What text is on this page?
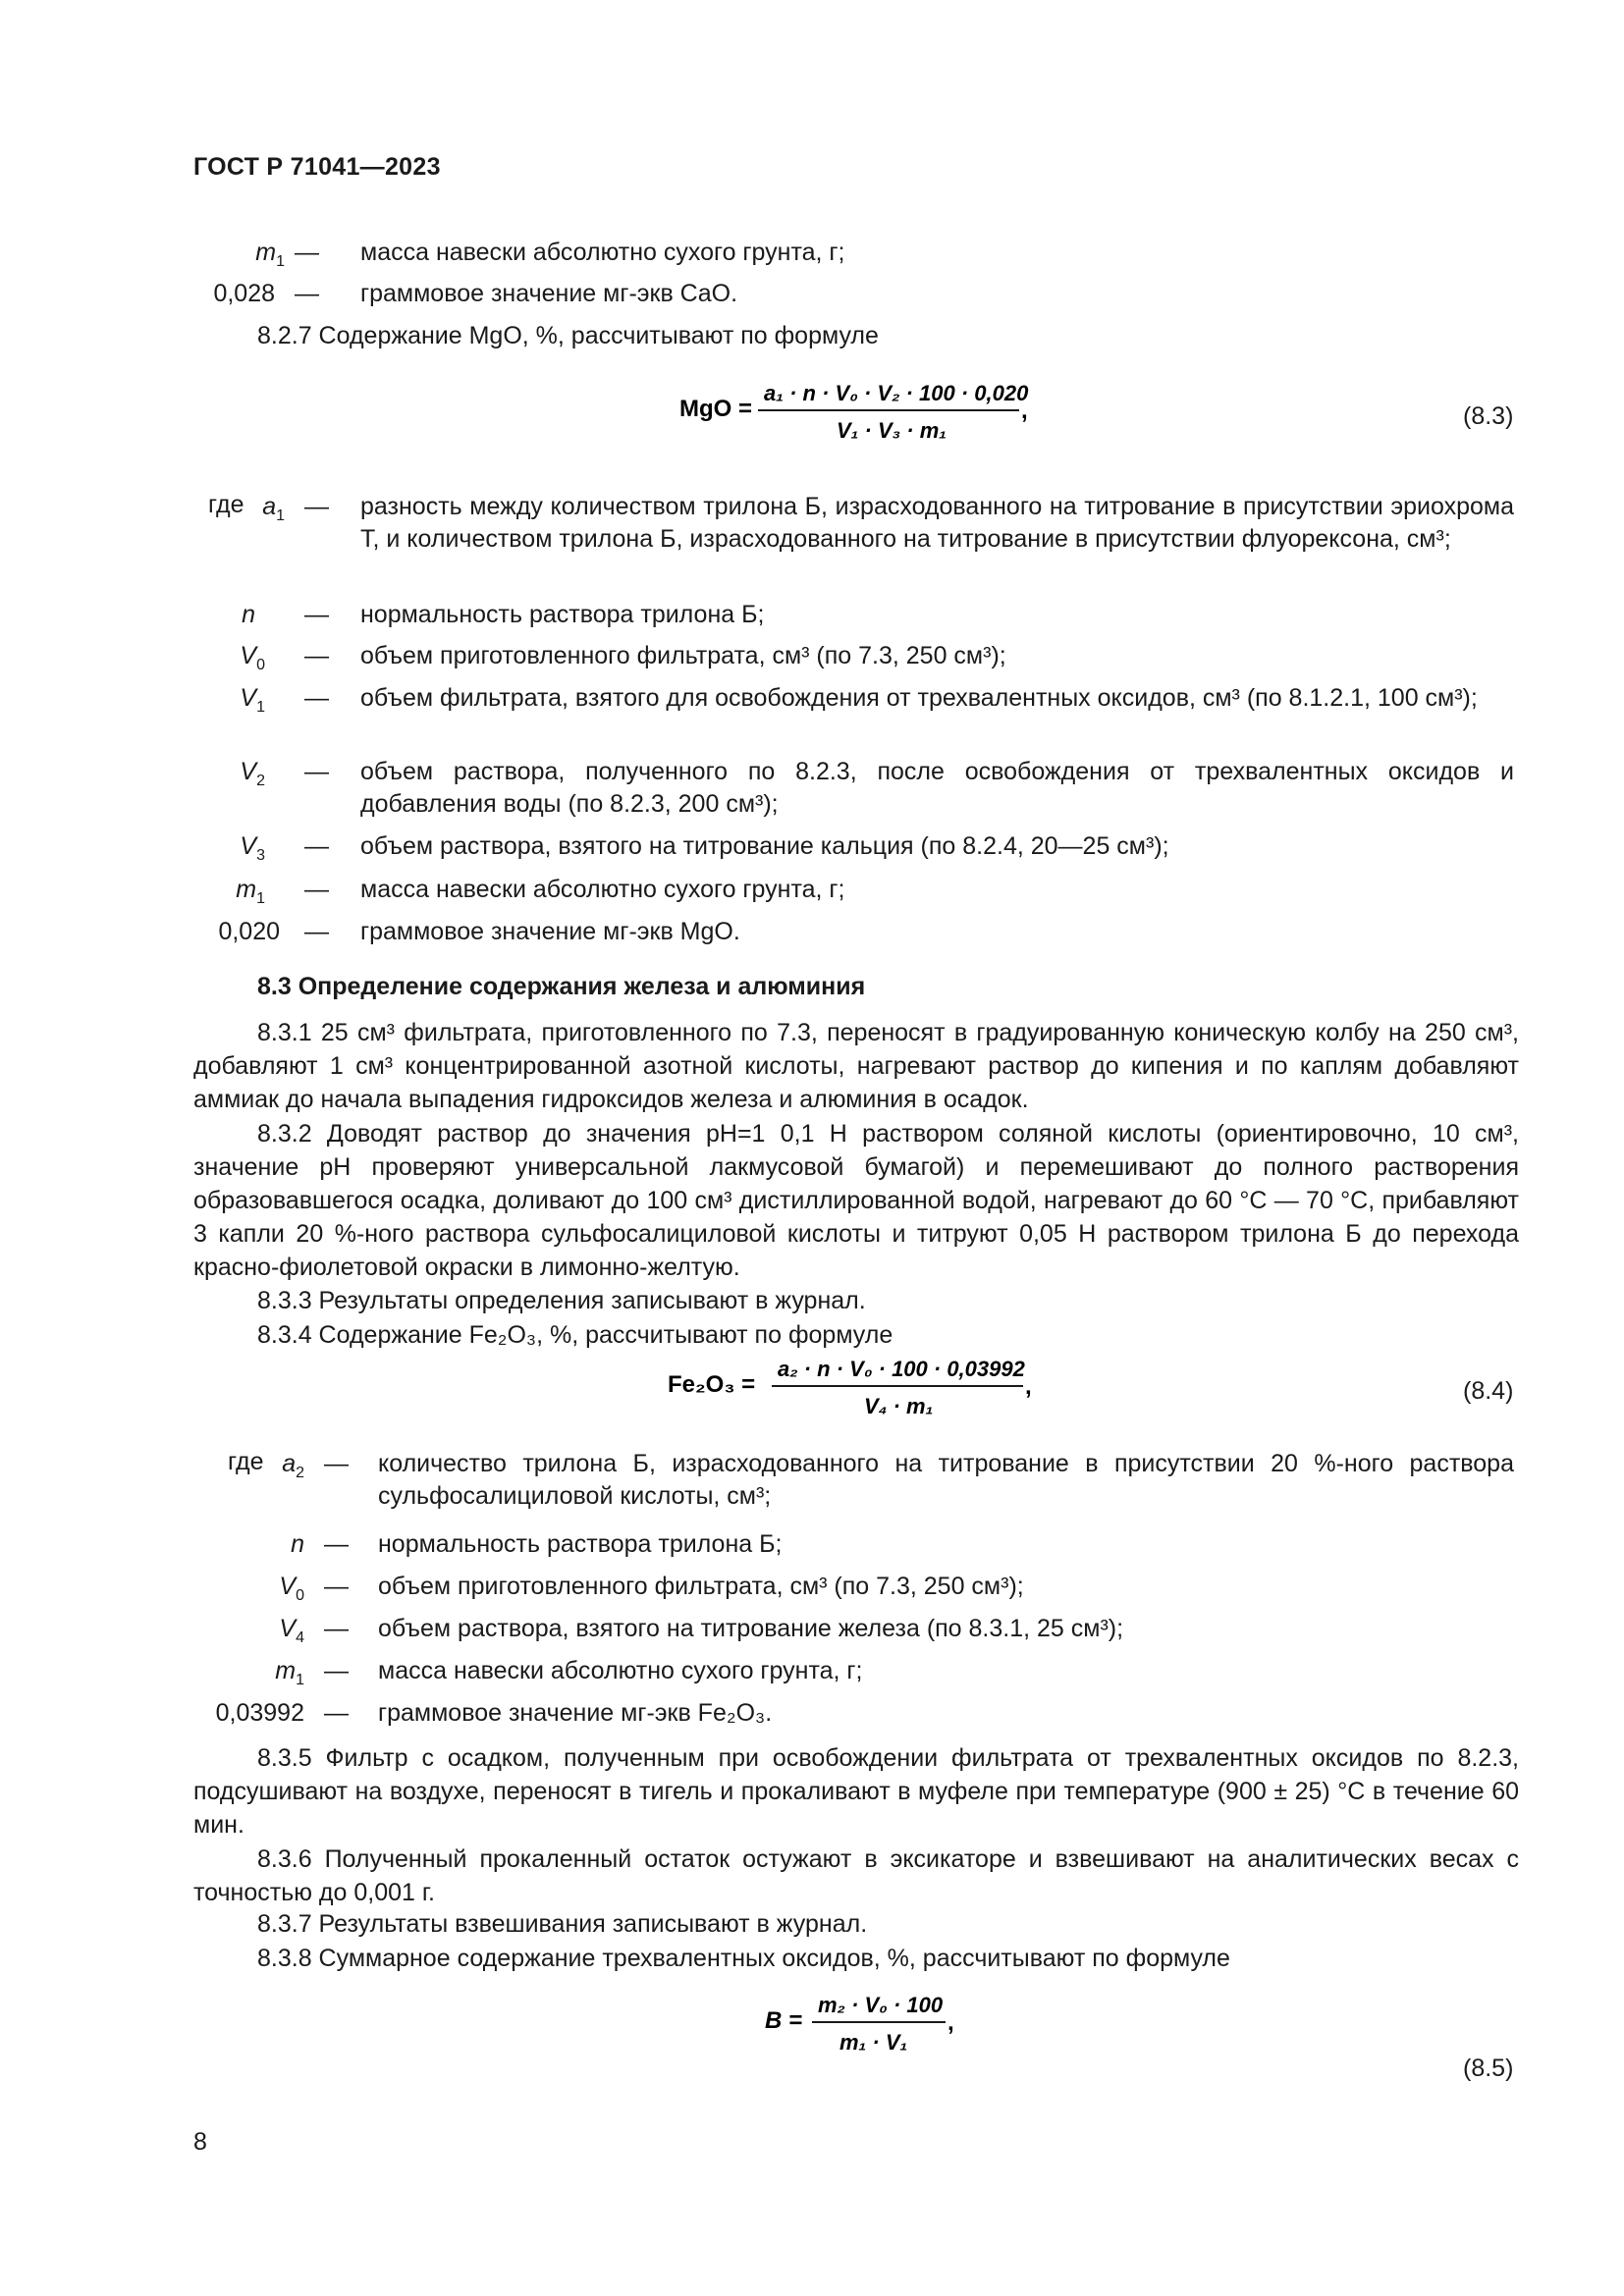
ГОСТ Р 71041—2023
$m_1$ — масса навески абсолютно сухого грунта, г;
0,028 — граммовое значение мг-экв CaO.
8.2.7 Содержание MgO, %, рассчитывают по формуле
MgO =
a₁ · n · V₀ · V₂ · 100 · 0,020
V₁ · V₃ · m₁
,	(8.3)
где $a_1$ — разность между количеством трилона Б, израсходованного на титрование в присутствии эриохрома Т, и количеством трилона Б, израсходованного на титрование в присутствии флуорексона, см³;
n — нормальность раствора трилона Б;
$V_0$ — объем приготовленного фильтрата, см³ (по 7.3, 250 см³);
$V_1$ — объем фильтрата, взятого для освобождения от трехвалентных оксидов, см³ (по 8.1.2.1, 100 см³);
$V_2$ — объем раствора, полученного по 8.2.3, после освобождения от трехвалентных оксидов и добавления воды (по 8.2.3, 200 см³);
$V_3$ — объем раствора, взятого на титрование кальция (по 8.2.4, 20—25 см³);
$m_1$ — масса навески абсолютно сухого грунта, г;
0,020 — граммовое значение мг-экв MgO.
8.3 Определение содержания железа и алюминия
8.3.1 25 см³ фильтрата, приготовленного по 7.3, переносят в градуированную коническую колбу на 250 см³, добавляют 1 см³ концентрированной азотной кислоты, нагревают раствор до кипения и по каплям добавляют аммиак до начала выпадения гидроксидов железа и алюминия в осадок.
8.3.2 Доводят раствор до значения рН=1 0,1 Н раствором соляной кислоты (ориентировочно, 10 см³, значение рН проверяют универсальной лакмусовой бумагой) и перемешивают до полного растворения образовавшегося осадка, доливают до 100 см³ дистиллированной водой, нагревают до 60 °C — 70 °C, прибавляют 3 капли 20 %-ного раствора сульфосалициловой кислоты и титруют 0,05 Н раствором трилона Б до перехода красно-фиолетовой окраски в лимонно-желтую.
8.3.3 Результаты определения записывают в журнал.
8.3.4 Содержание Fe₂O₃, %, рассчитывают по формуле
Fe₂O₃ =
a₂ · n · V₀ · 100 · 0,03992
V₄ · m₁
,	(8.4)
где $a_2$ — количество трилона Б, израсходованного на титрование в присутствии 20 %-ного раствора сульфосалициловой кислоты, см³;
n — нормальность раствора трилона Б;
$V_0$ — объем приготовленного фильтрата, см³ (по 7.3, 250 см³);
$V_4$ — объем раствора, взятого на титрование железа (по 8.3.1, 25 см³);
$m_1$ — масса навески абсолютно сухого грунта, г;
0,03992 — граммовое значение мг-экв Fe₂O₃.
8.3.5 Фильтр с осадком, полученным при освобождении фильтрата от трехвалентных оксидов по 8.2.3, подсушивают на воздухе, переносят в тигель и прокаливают в муфеле при температуре (900 ± 25) °C в течение 60 мин.
8.3.6 Полученный прокаленный остаток остужают в эксикаторе и взвешивают на аналитических весах с точностью до 0,001 г.
8.3.7 Результаты взвешивания записывают в журнал.
8.3.8 Суммарное содержание трехвалентных оксидов, %, рассчитывают по формуле
B =
m₂ · V₀ · 100
m₁ · V₁
,
(8.5)
8
